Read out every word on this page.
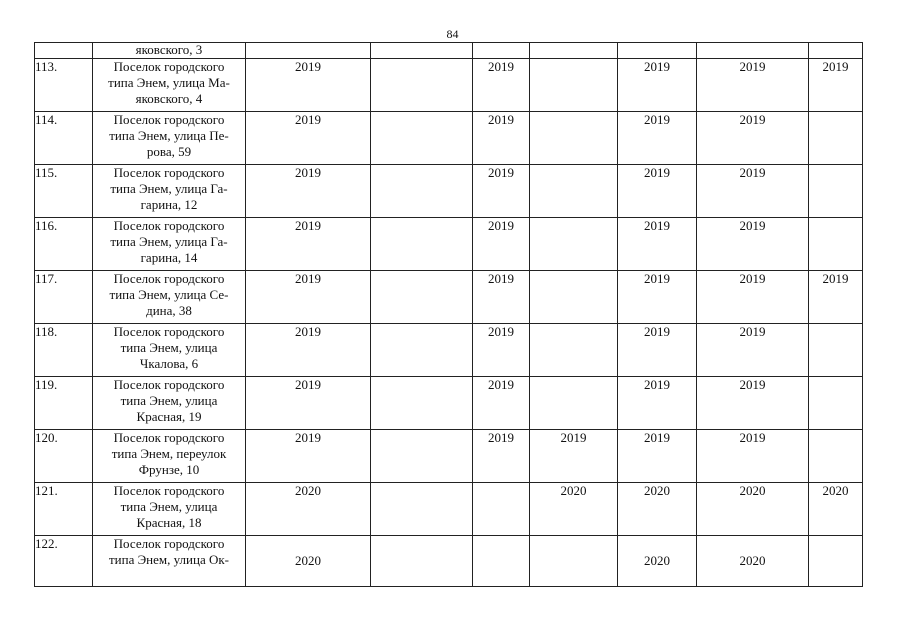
84
	яковского, 3							
113.	Поселок городского
типа Энем, улица Ма-
яковского, 4	2019		2019		2019	2019	2019
114.	Поселок городского
типа Энем, улица Пе-
рова, 59	2019		2019		2019	2019	
115.	Поселок городского
типа Энем, улица Га-
гарина, 12	2019		2019		2019	2019	
116.	Поселок городского
типа Энем, улица Га-
гарина, 14	2019		2019		2019	2019	
117.	Поселок городского
типа Энем, улица Се-
дина, 38	2019		2019		2019	2019	2019
118.	Поселок городского
типа Энем, улица
Чкалова, 6	2019		2019		2019	2019	
119.	Поселок городского
типа Энем, улица
Красная, 19	2019		2019		2019	2019	
120.	Поселок городского
типа Энем, переулок
Фрунзе, 10	2019		2019	2019	2019	2019	
121.	Поселок городского
типа Энем, улица
Красная, 18	2020			2020	2020	2020	2020
122.	Поселок городского
типа Энем, улица Ок-	2020				2020	2020	
